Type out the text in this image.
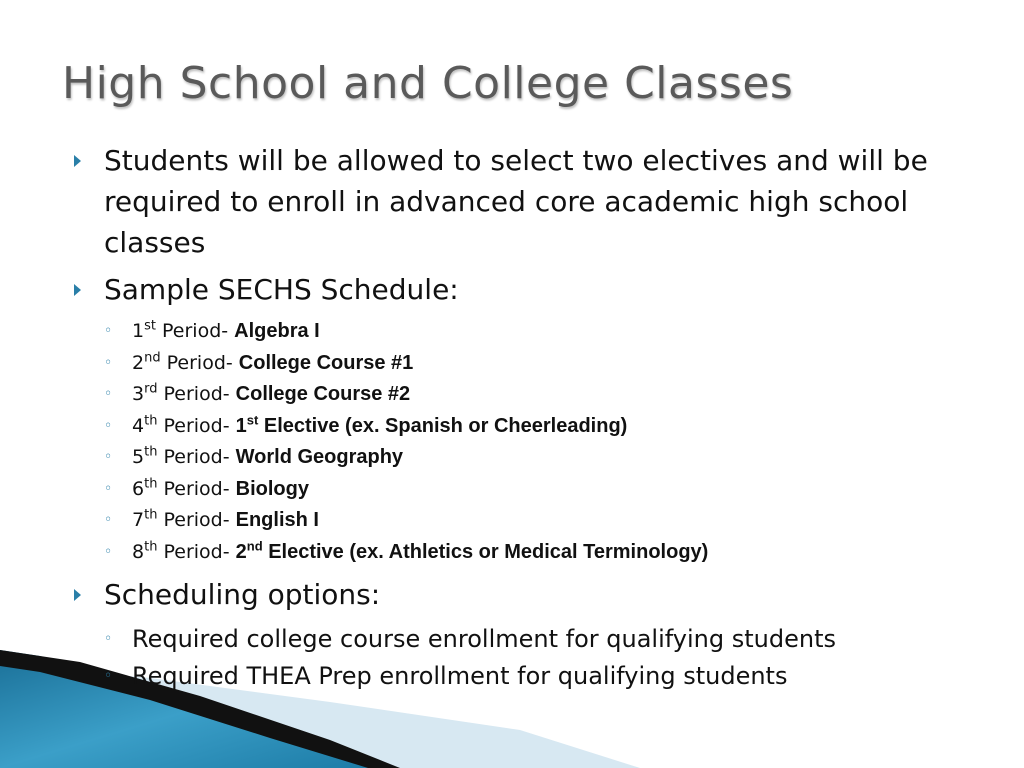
High School and College Classes
Students will be allowed to select two electives and will be required to enroll in advanced core academic high school classes
Sample SECHS Schedule:
◦	1st Period- Algebra I
◦	2nd Period- College Course #1
◦	3rd Period- College Course #2
◦	4th Period- 1st Elective (ex. Spanish or Cheerleading)
◦	5th Period- World Geography
◦	6th Period- Biology
◦	7th Period- English I
◦	8th Period- 2nd Elective (ex. Athletics or Medical Terminology)
Scheduling options:
◦ Required college course enrollment for qualifying students
◦ Required THEA Prep enrollment for qualifying students
